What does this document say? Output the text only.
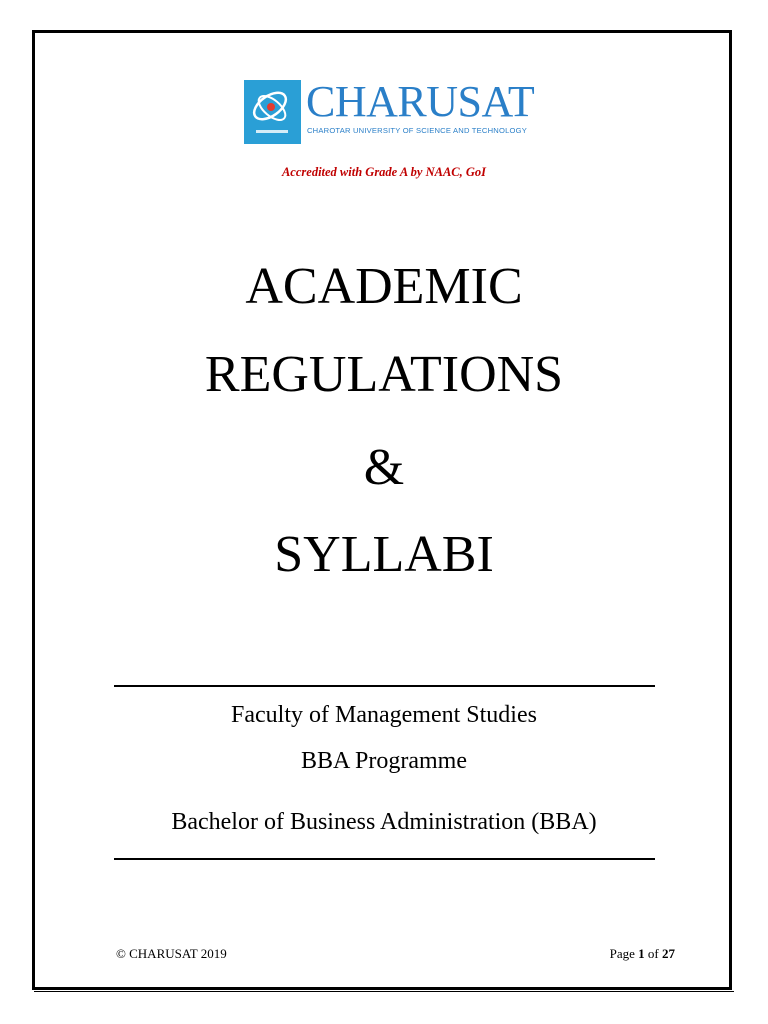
CHARUSAT
CHAROTAR UNIVERSITY OF SCIENCE AND TECHNOLOGY
Accredited with Grade A by NAAC, GoI
ACADEMIC
REGULATIONS
&
SYLLABI
Faculty of Management Studies
BBA Programme
Bachelor of Business Administration (BBA)
© CHARUSAT 2019	Page 1 of 27
